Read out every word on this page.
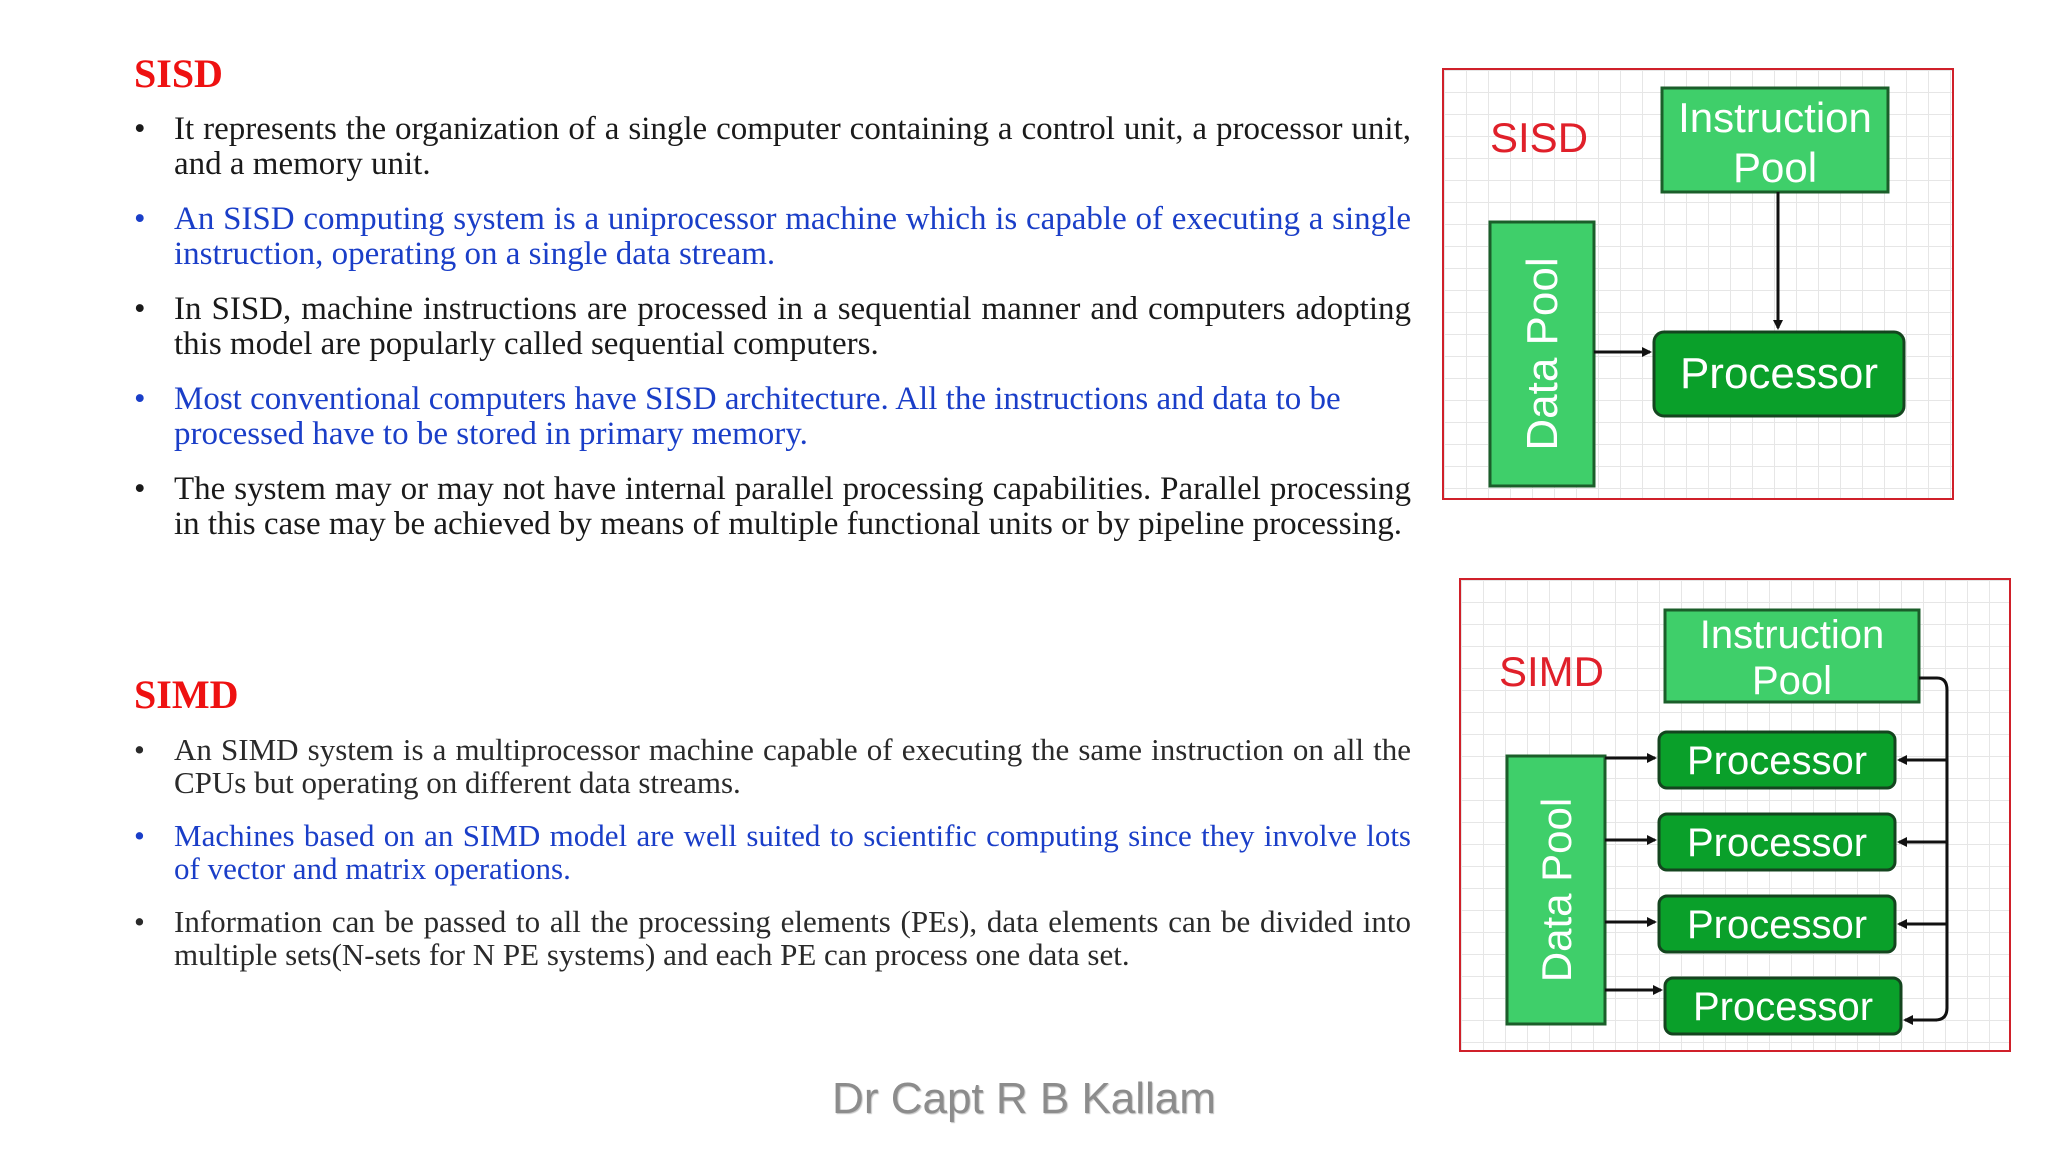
SISD
• It represents the organization of a single computer containing a control unit, a processor unit, and a memory unit.
• An SISD computing system is a uniprocessor machine which is capable of executing a single instruction, operating on a single data stream.
• In SISD, machine instructions are processed in a sequential manner and computers adopting this model are popularly called sequential computers.
• Most conventional computers have SISD architecture. All the instructions and data to be processed have to be stored in primary memory.
• The system may or may not have internal parallel processing capabilities. Parallel processing in this case may be achieved by means of multiple functional units or by pipeline processing.
SIMD
• An SIMD system is a multiprocessor machine capable of executing the same instruction on all the CPUs but operating on different data streams.
• Machines based on an SIMD model are well suited to scientific computing since they involve lots of vector and matrix operations.
• Information can be passed to all the processing elements (PEs), data elements can be divided into multiple sets(N-sets for N PE systems) and each PE can process one data set.
SISD Instruction
Pool
Data Pool	Processor
SIMD
Instruction
Pool
Data Pool
Processor
Processor
Processor
Processor
Dr Capt R B Kallam
